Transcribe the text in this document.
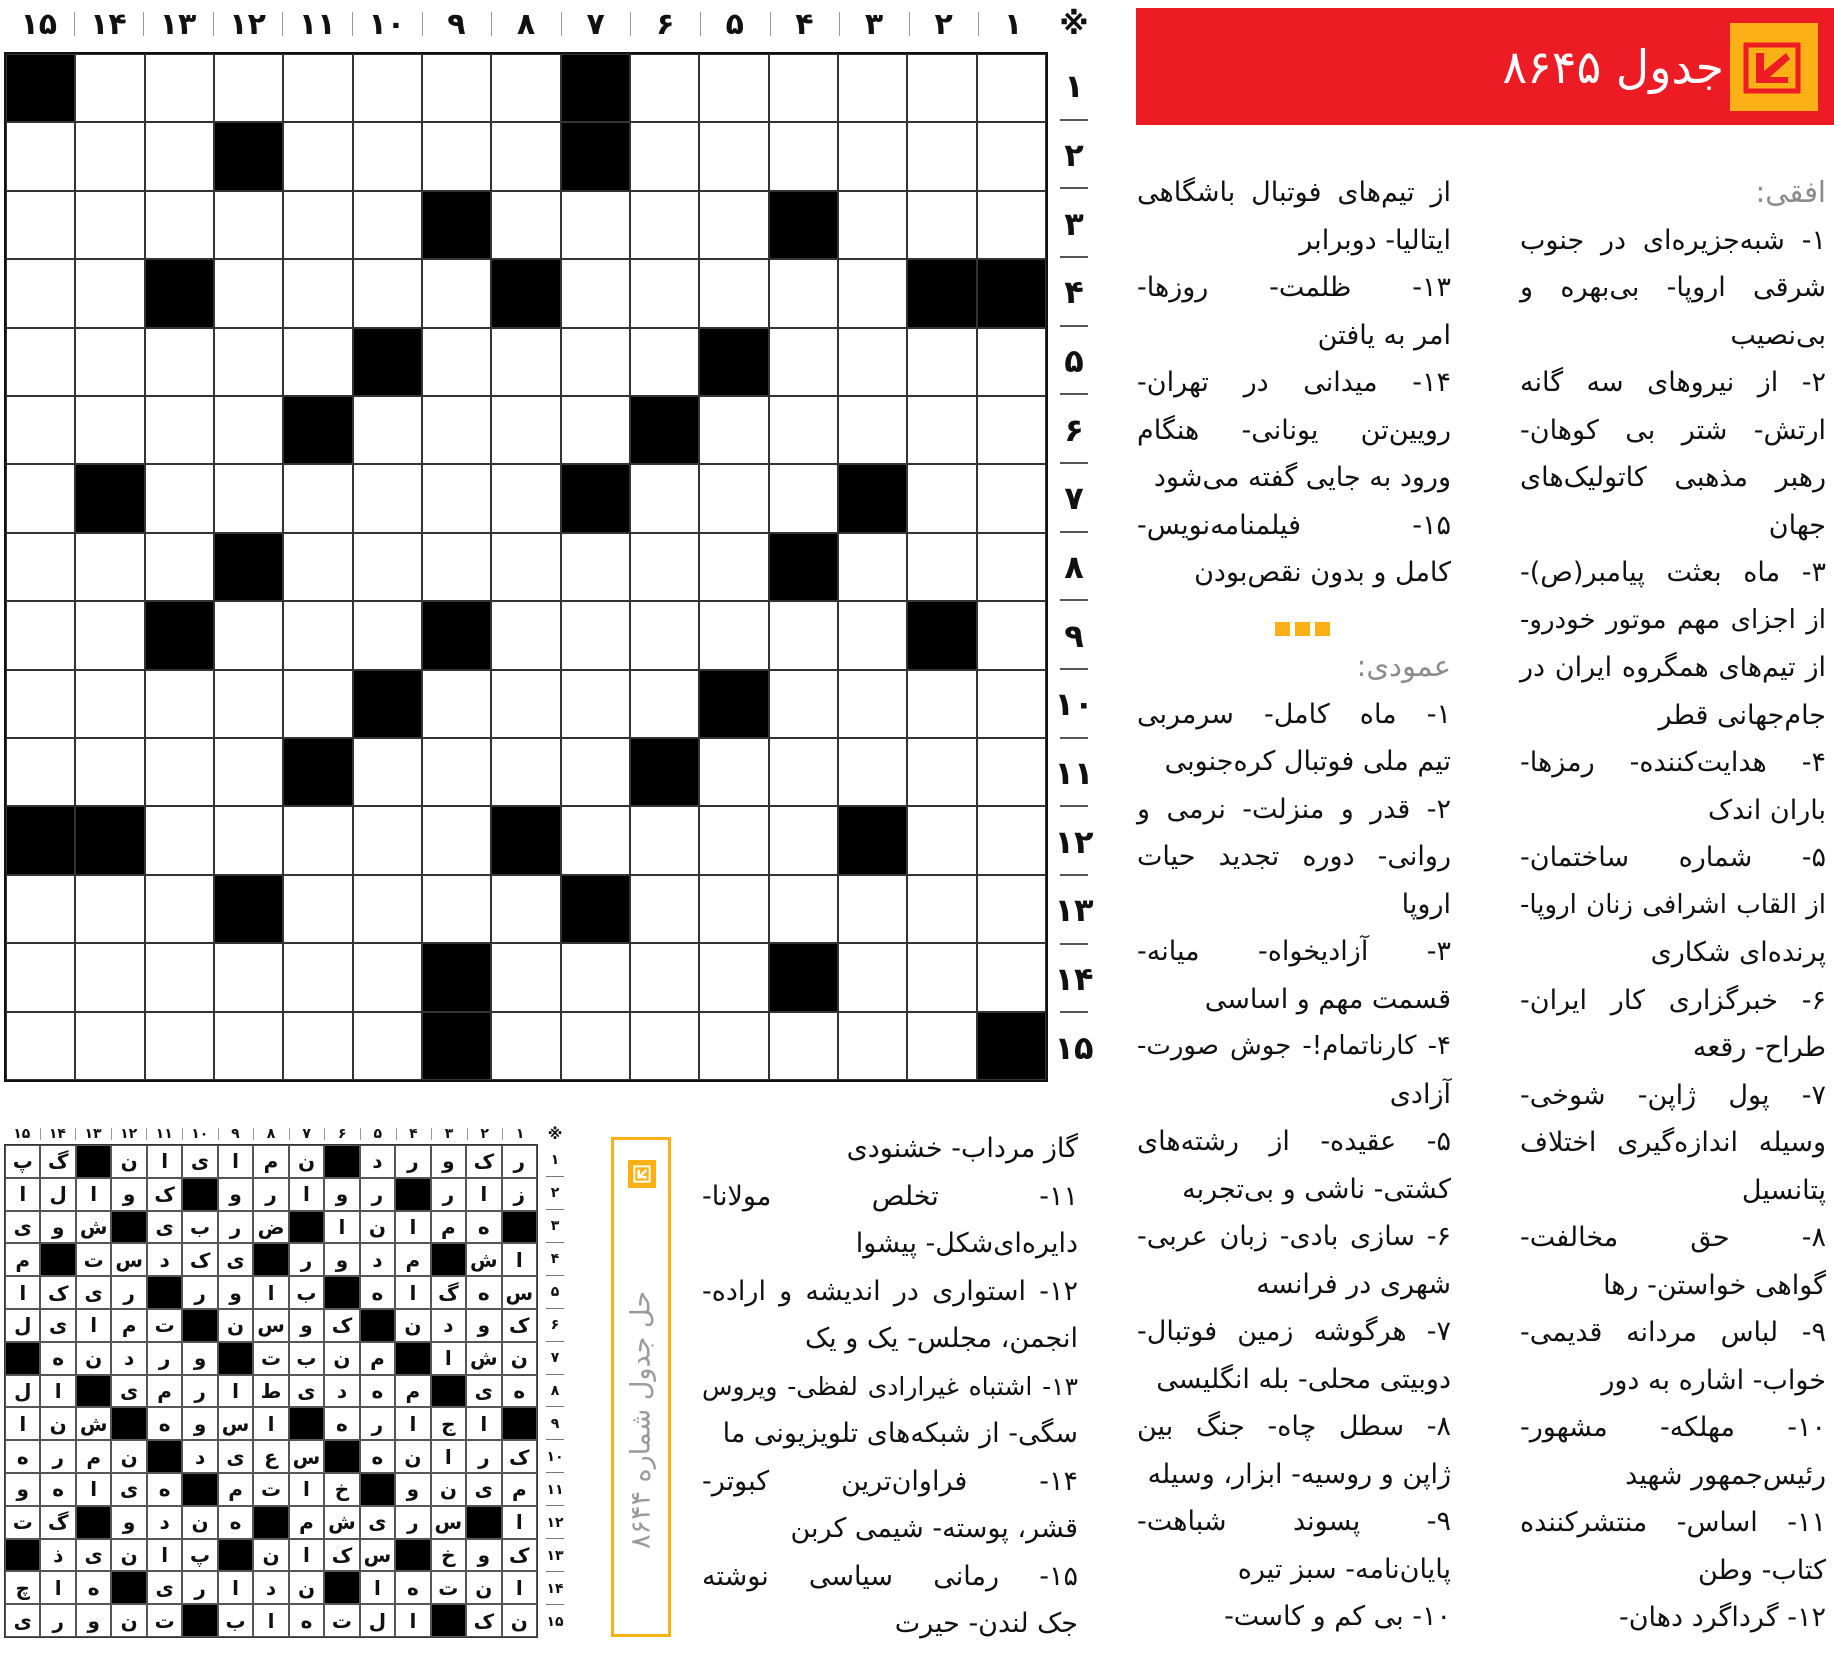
۱
۲
۳
۴
۵
۶
۷
۸
۹
۱۰
۱۱
۱۲
۱۳
۱۴
۱۵	※
۱
۲
۳
۴
۵
۶
۷
۸
۹
۱۰
۱۱
۱۲
۱۳
۱۴
۱۵
جدول ۸۶۴۵
افقی:
۱- شبه‌جزیره‌ای در جنوب
شرقی اروپا- بی‌بهره و
بی‌نصیب
۲- از نیروهای سه گانه
ارتش- شتر بی کوهان-
رهبر مذهبی کاتولیک‌های
جهان
۳- ماه بعثت پیامبر(ص)-
از اجزای مهم موتور خودرو-
از تیم‌های همگروه ایران در
جام‌جهانی قطر
۴- هدایت‌کننده- رمزها-
باران اندک
۵- شماره ساختمان-
از القاب اشرافی زنان اروپا-
پرنده‌ای شکاری
۶- خبرگزاری کار ایران-
طراح- رقعه
۷- پول ژاپن- شوخی-
وسیله اندازه‌گیری اختلاف
پتانسیل
۸- حق مخالفت-
گواهی خواستن- رها
۹- لباس مردانه قدیمی-
خواب- اشاره به دور
۱۰- مهلکه- مشهور-
رئیس‌جمهور شهید
۱۱- اساس- منتشرکننده
کتاب- وطن
۱۲- گرداگرد دهان-
از تیم‌های فوتبال باشگاهی
ایتالیا- دوبرابر
۱۳- ظلمت- روزها-
امر به یافتن
۱۴- میدانی در تهران-
رویین‌تن یونانی- هنگام
ورود به جایی گفته می‌شود
۱۵- فیلمنامه‌نویس-
کامل و بدون نقص‌بودن
عمودی:
۱- ماه کامل- سرمربی
تیم ملی فوتبال کره‌جنوبی
۲- قدر و منزلت- نرمی و
روانی- دوره تجدید حیات
اروپا
۳- آزادیخواه- میانه-
قسمت مهم و اساسی
۴- کارناتمام!- جوش صورت-
آزادی
۵- عقیده- از رشته‌های
کشتی- ناشی و بی‌تجربه
۶- سازی بادی- زبان عربی-
شهری در فرانسه
۷- هرگوشه زمین فوتبال-
دوبیتی محلی- بله انگلیسی
۸- سطل چاه- جنگ بین
ژاپن و روسیه- ابزار، وسیله
۹- پسوند شباهت-
پایان‌نامه- سبز تیره
۱۰- بی کم و کاست-
گاز مرداب- خشنودی
۱۱- تخلص مولانا-
دایره‌ای‌شکل- پیشوا
۱۲- استواری در اندیشه و اراده-
انجمن، مجلس- یک و یک
۱۳- اشتباه غیرارادی لفظی- ویروس
سگی- از شبکه‌های تلویزیونی ما
۱۴- فراوان‌ترین کبوتر-
قشر، پوسته- شیمی کربن
۱۵- رمانی سیاسی نوشته
جک لندن- حیرت
۱
۲
۳
۴
۵
۶
۷
۸
۹
۱۰
۱۱
۱۲
۱۳
۱۴
۱۵	※
ر
ک
و
ر
د
ن
م
ا
ی
ا
ن
گ
پ
ز
ا
ر
ر
و
ا
ر
و
ک
و
ا
ل
ا
ه
م
ا
ن
ا
ض
ر
ب
ی
ش
و
ی
ا
ش
م
د
و
ر
ی
ک
د
س
ت
م
س
ه
گ
ا
ه
ب
ا
و
ر
ر
ی
ک
ا
ک
و
د
ن
ک
و
س
ن
ت
م
ا
ی
ل
ن
ش
ا
م
ن
ب
ت
و
ر
د
ن
ه
ه
ی
م
ه
د
ی
ط
ا
ر
م
ی
ا
ل
ا
ج
ا
ر
ه
ا
س
و
ه
ش
ن
ا
ک
ر
ا
ن
ه
س
ع
ی
د
ن
م
ر
ه
م
ی
ن
و
خ
ا
ت
م
ه
ی
ا
ه
و
ا
س
ر
ی
ش
م
ه
ن
د
و
گ
ت
ک
و
خ
س
ک
ا
ن
پ
ا
ن
ی
ذ
ا
ن
ت
ه
ا
ن
د
ا
ر
ی
ه
ا
چ
ن
ک
ا
ل
ت
ه
ا
ب
ت
ن
و
ر
ی
۱
۲
۳
۴
۵
۶
۷
۸
۹
۱۰
۱۱
۱۲
۱۳
۱۴
۱۵
حل جدول شماره ۸۶۴۴
